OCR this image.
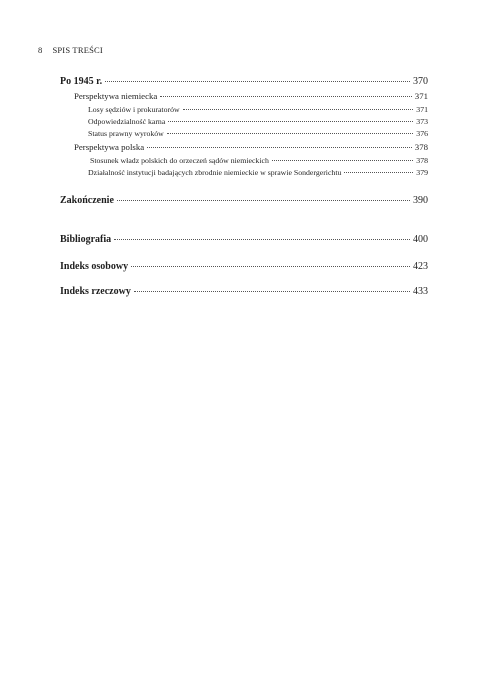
8 SPIS TREŚCI
Po 1945 r.	370
Perspektywa niemiecka	371
Losy sędziów i prokuratorów	371
Odpowiedzialność karna	373
Status prawny wyroków	376
Perspektywa polska	378
Stosunek władz polskich do orzeczeń sądów niemieckich	378
Działalność instytucji badających zbrodnie niemieckie w sprawie Sondergerichtu	379
Zakończenie	390
Bibliografia	400
Indeks osobowy	423
Indeks rzeczowy	433
